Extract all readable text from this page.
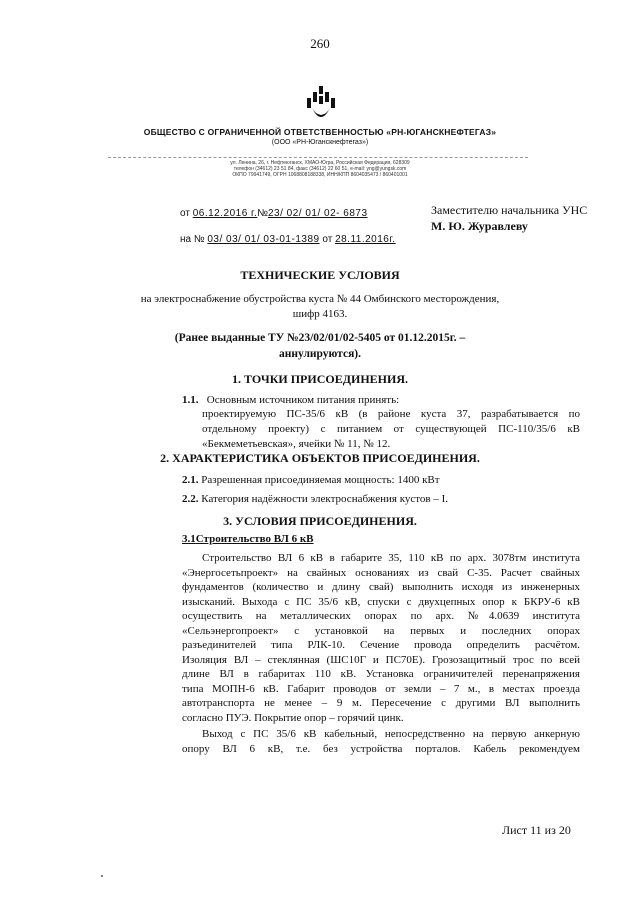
260
ОБЩЕСТВО С ОГРАНИЧЕННОЙ ОТВЕТСТВЕННОСТЬЮ «РН-ЮГАНСКНЕФТЕГАЗ»
(ООО «РН-Юганскнефтегаз»)
ул. Ленина, 26, г. Нефтеюганск, ХМАО-Югра, Российская Федерация, 628309
телефон (34612) 23 51 84, факс (34612) 22 60 51, e-mail: yng@yungsk.com
ОКПО 79941749, ОГРН 1068808188338, ИНН/КПП 8604035473 / 860401001
от 06.12.2016 г.№23/ 02/ 01/ 02- 6873
на № 03/ 03/ 01/ 03-01-1389 от 28.11.2016г.
Заместителю начальника УНС
М. Ю. Журавлеву
ТЕХНИЧЕСКИЕ УСЛОВИЯ
на электроснабжение обустройства куста № 44 Омбинского месторождения,
шифр 4163.
(Ранее выданные ТУ №23/02/01/02-5405 от 01.12.2015г. –
аннулируются).
1. ТОЧКИ ПРИСОЕДИНЕНИЯ.
1.1. Основным источником питания принять:
проектируемую ПС-35/6 кВ (в районе куста 37, разрабатывается по
отдельному проекту) с питанием от существующей ПС-110/35/6 кВ
«Бекмеметьевская», ячейки № 11, № 12.
2. ХАРАКТЕРИСТИКА ОБЪЕКТОВ ПРИСОЕДИНЕНИЯ.
2.1. Разрешенная присоединяемая мощность: 1400 кВт
2.2. Категория надёжности электроснабжения кустов – I.
3. УСЛОВИЯ ПРИСОЕДИНЕНИЯ.
3.1Строительство ВЛ 6 кВ
Строительство ВЛ 6 кВ в габарите 35, 110 кВ по арх. 3078тм института
«Энергосетьпроект» на свайных основаниях из свай С-35. Расчет свайных
фундаментов (количество и длину свай) выполнить исходя из инженерных
изысканий. Выхода с ПС 35/6 кВ, спуски с двухцепных опор к БКРУ-6 кВ
осуществить на металлических опорах по арх. №4.0639 института
«Сельэнергопроект» с установкой на первых и последних опорах
разъединителей типа РЛК-10. Сечение провода определить расчётом.
Изоляция ВЛ – стеклянная (ШС10Г и ПС70Е). Грозозащитный трос по всей
длине ВЛ в габаритах 110 кВ. Установка ограничителей перенапряжения
типа МОПН-6 кВ. Габарит проводов от земли – 7 м., в местах проезда
автотранспорта не менее – 9 м. Пересечение с другими ВЛ выполнить
согласно ПУЭ. Покрытие опор – горячий цинк.
Выход с ПС 35/6 кВ кабельный, непосредственно на первую анкерную
опору ВЛ 6 кВ, т.е. без устройства порталов. Кабель рекомендуем
Лист 11 из 20
